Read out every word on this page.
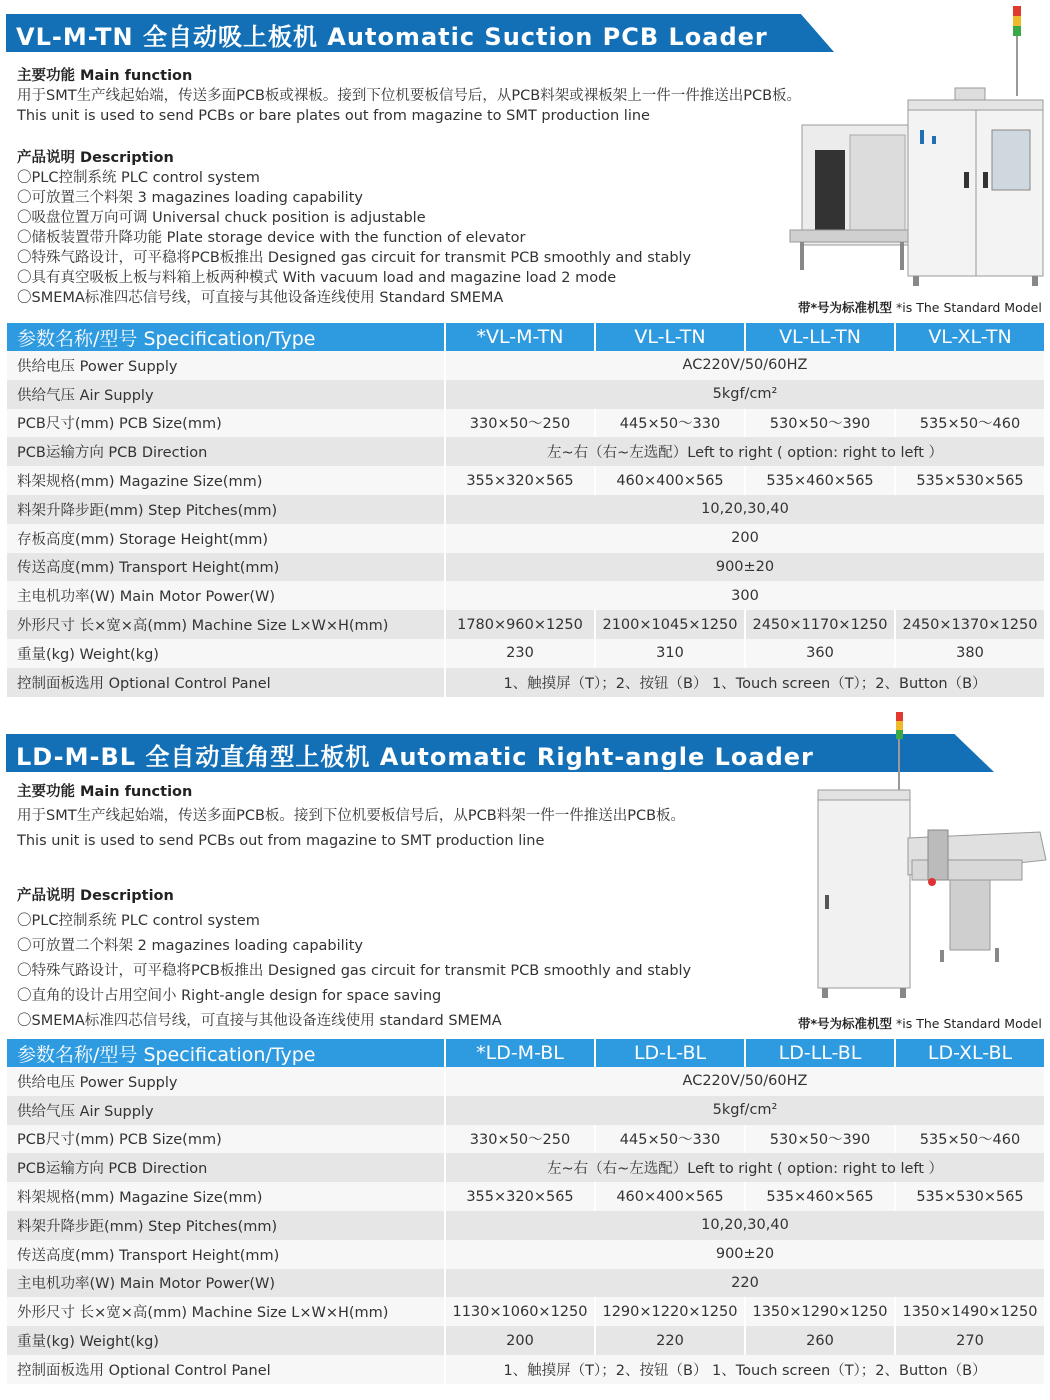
VL-M-TN 全自动吸上板机 Automatic Suction PCB Loader
主要功能 Main function
用于SMT生产线起始端，传送多面PCB板或裸板。接到下位机要板信号后，从PCB料架或裸板架上一件一件推送出PCB板。
This unit is used to send PCBs or bare plates out from magazine to SMT production line
产品说明 Description
〇PLC控制系统 PLC control system
〇可放置三个料架 3 magazines loading capability
〇吸盘位置万向可调 Universal chuck position is adjustable
〇储板装置带升降功能 Plate storage device with the function of elevator
〇特殊气路设计，可平稳将PCB板推出 Designed gas circuit for transmit PCB smoothly and stably
〇具有真空吸板上板与料箱上板两种模式 With vacuum load and magazine load 2 mode
〇SMEMA标准四芯信号线，可直接与其他设备连线使用 Standard SMEMA
带*号为标准机型 *is The Standard Model
参数名称/型号 Specification/Type	*VL-M-TN	VL-L-TN	VL-LL-TN	VL-XL-TN
供给电压 Power Supply	AC220V/50/60HZ			
供给气压 Air Supply	5kgf/cm²			
PCB尺寸(mm) PCB Size(mm)	330×50～250	445×50～330	530×50～390	535×50～460
PCB运输方向 PCB Direction	左~右（右~左选配）Left to right ( option: right to left ）			
料架规格(mm) Magazine Size(mm)	355×320×565	460×400×565	535×460×565	535×530×565
料架升降步距(mm) Step Pitches(mm)	10,20,30,40			
存板高度(mm) Storage Height(mm)	200			
传送高度(mm) Transport Height(mm)	900±20			
主电机功率(W) Main Motor Power(W)	300			
外形尺寸 长×宽×高(mm) Machine Size L×W×H(mm)	1780×960×1250	2100×1045×1250	2450×1170×1250	2450×1370×1250
重量(kg) Weight(kg)	230	310	360	380
控制面板选用 Optional Control Panel	1、触摸屏（T）；2、按钮（B） 1、Touch screen（T）；2、Button（B）			
LD-M-BL 全自动直角型上板机 Automatic Right-angle Loader
主要功能 Main function
用于SMT生产线起始端，传送多面PCB板。接到下位机要板信号后，从PCB料架一件一件推送出PCB板。
This unit is used to send PCBs out from magazine to SMT production line
产品说明 Description
〇PLC控制系统 PLC control system
〇可放置二个料架 2 magazines loading capability
〇特殊气路设计，可平稳将PCB板推出 Designed gas circuit for transmit PCB smoothly and stably
〇直角的设计占用空间小 Right-angle design for space saving
〇SMEMA标准四芯信号线，可直接与其他设备连线使用 standard SMEMA	带*号为标准机型 *is The Standard Model
参数名称/型号 Specification/Type	*LD-M-BL	LD-L-BL	LD-LL-BL	LD-XL-BL
供给电压 Power Supply	AC220V/50/60HZ			
供给气压 Air Supply	5kgf/cm²			
PCB尺寸(mm) PCB Size(mm)	330×50～250	445×50～330	530×50～390	535×50～460
PCB运输方向 PCB Direction	左~右（右~左选配）Left to right ( option: right to left ）			
料架规格(mm) Magazine Size(mm)	355×320×565	460×400×565	535×460×565	535×530×565
料架升降步距(mm) Step Pitches(mm)	10,20,30,40			
传送高度(mm) Transport Height(mm)	900±20			
主电机功率(W) Main Motor Power(W)	220			
外形尺寸 长×宽×高(mm) Machine Size L×W×H(mm)	1130×1060×1250	1290×1220×1250	1350×1290×1250	1350×1490×1250
重量(kg) Weight(kg)	200	220	260	270
控制面板选用 Optional Control Panel	1、触摸屏（T）；2、按钮（B） 1、Touch screen（T）；2、Button（B）			
